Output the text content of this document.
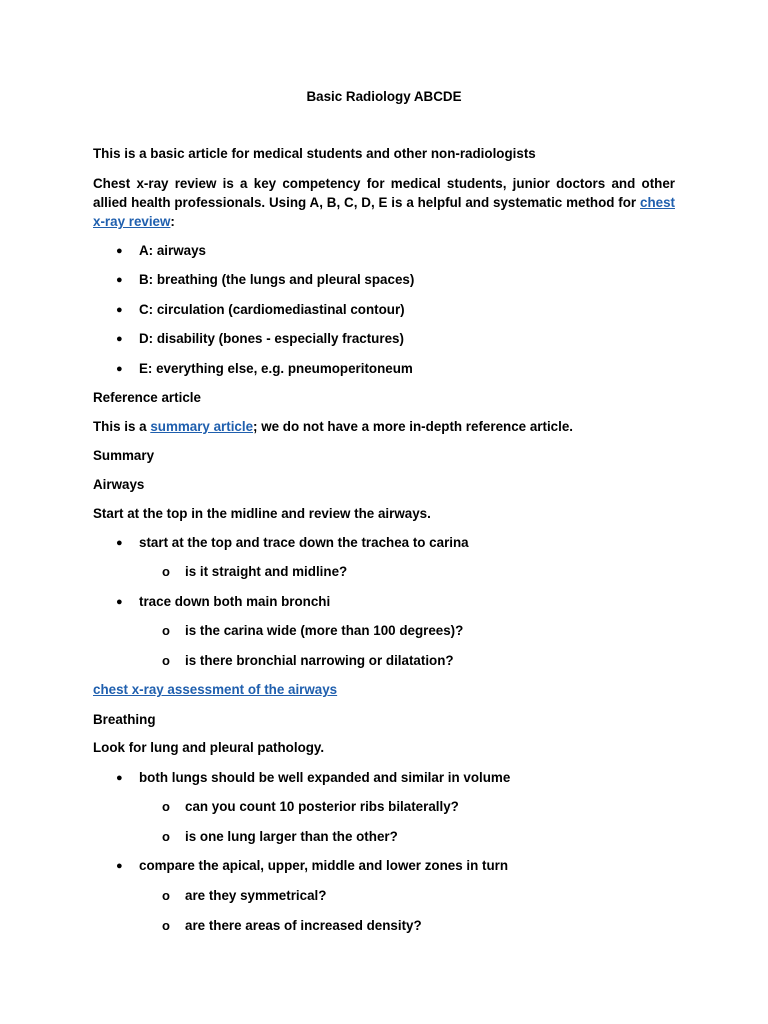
Basic Radiology ABCDE

This is a basic article for medical students and other non-radiologists

Chest x-ray review is a key competency for medical students, junior doctors and other

allied health professionals. Using A, B, C, D, E is a helpful and systematic method for chest

x-ray review:

● A: airways

● B: breathing (the lungs and pleural spaces)

● C: circulation (cardiomediastinal contour)

● D: disability (bones - especially fractures)

● E: everything else, e.g. pneumoperitoneum

Reference article

This is a summary article; we do not have a more in-depth reference article.

Summary

Airways

Start at the top in the midline and review the airways.

● start at the top and trace down the trachea to carina

o is it straight and midline?

● trace down both main bronchi

o is the carina wide (more than 100 degrees)?

o is there bronchial narrowing or dilatation?

chest x-ray assessment of the airways

Breathing

Look for lung and pleural pathology.

● both lungs should be well expanded and similar in volume

o can you count 10 posterior ribs bilaterally?

o is one lung larger than the other?

● compare the apical, upper, middle and lower zones in turn

o are they symmetrical?

o are there areas of increased density?
